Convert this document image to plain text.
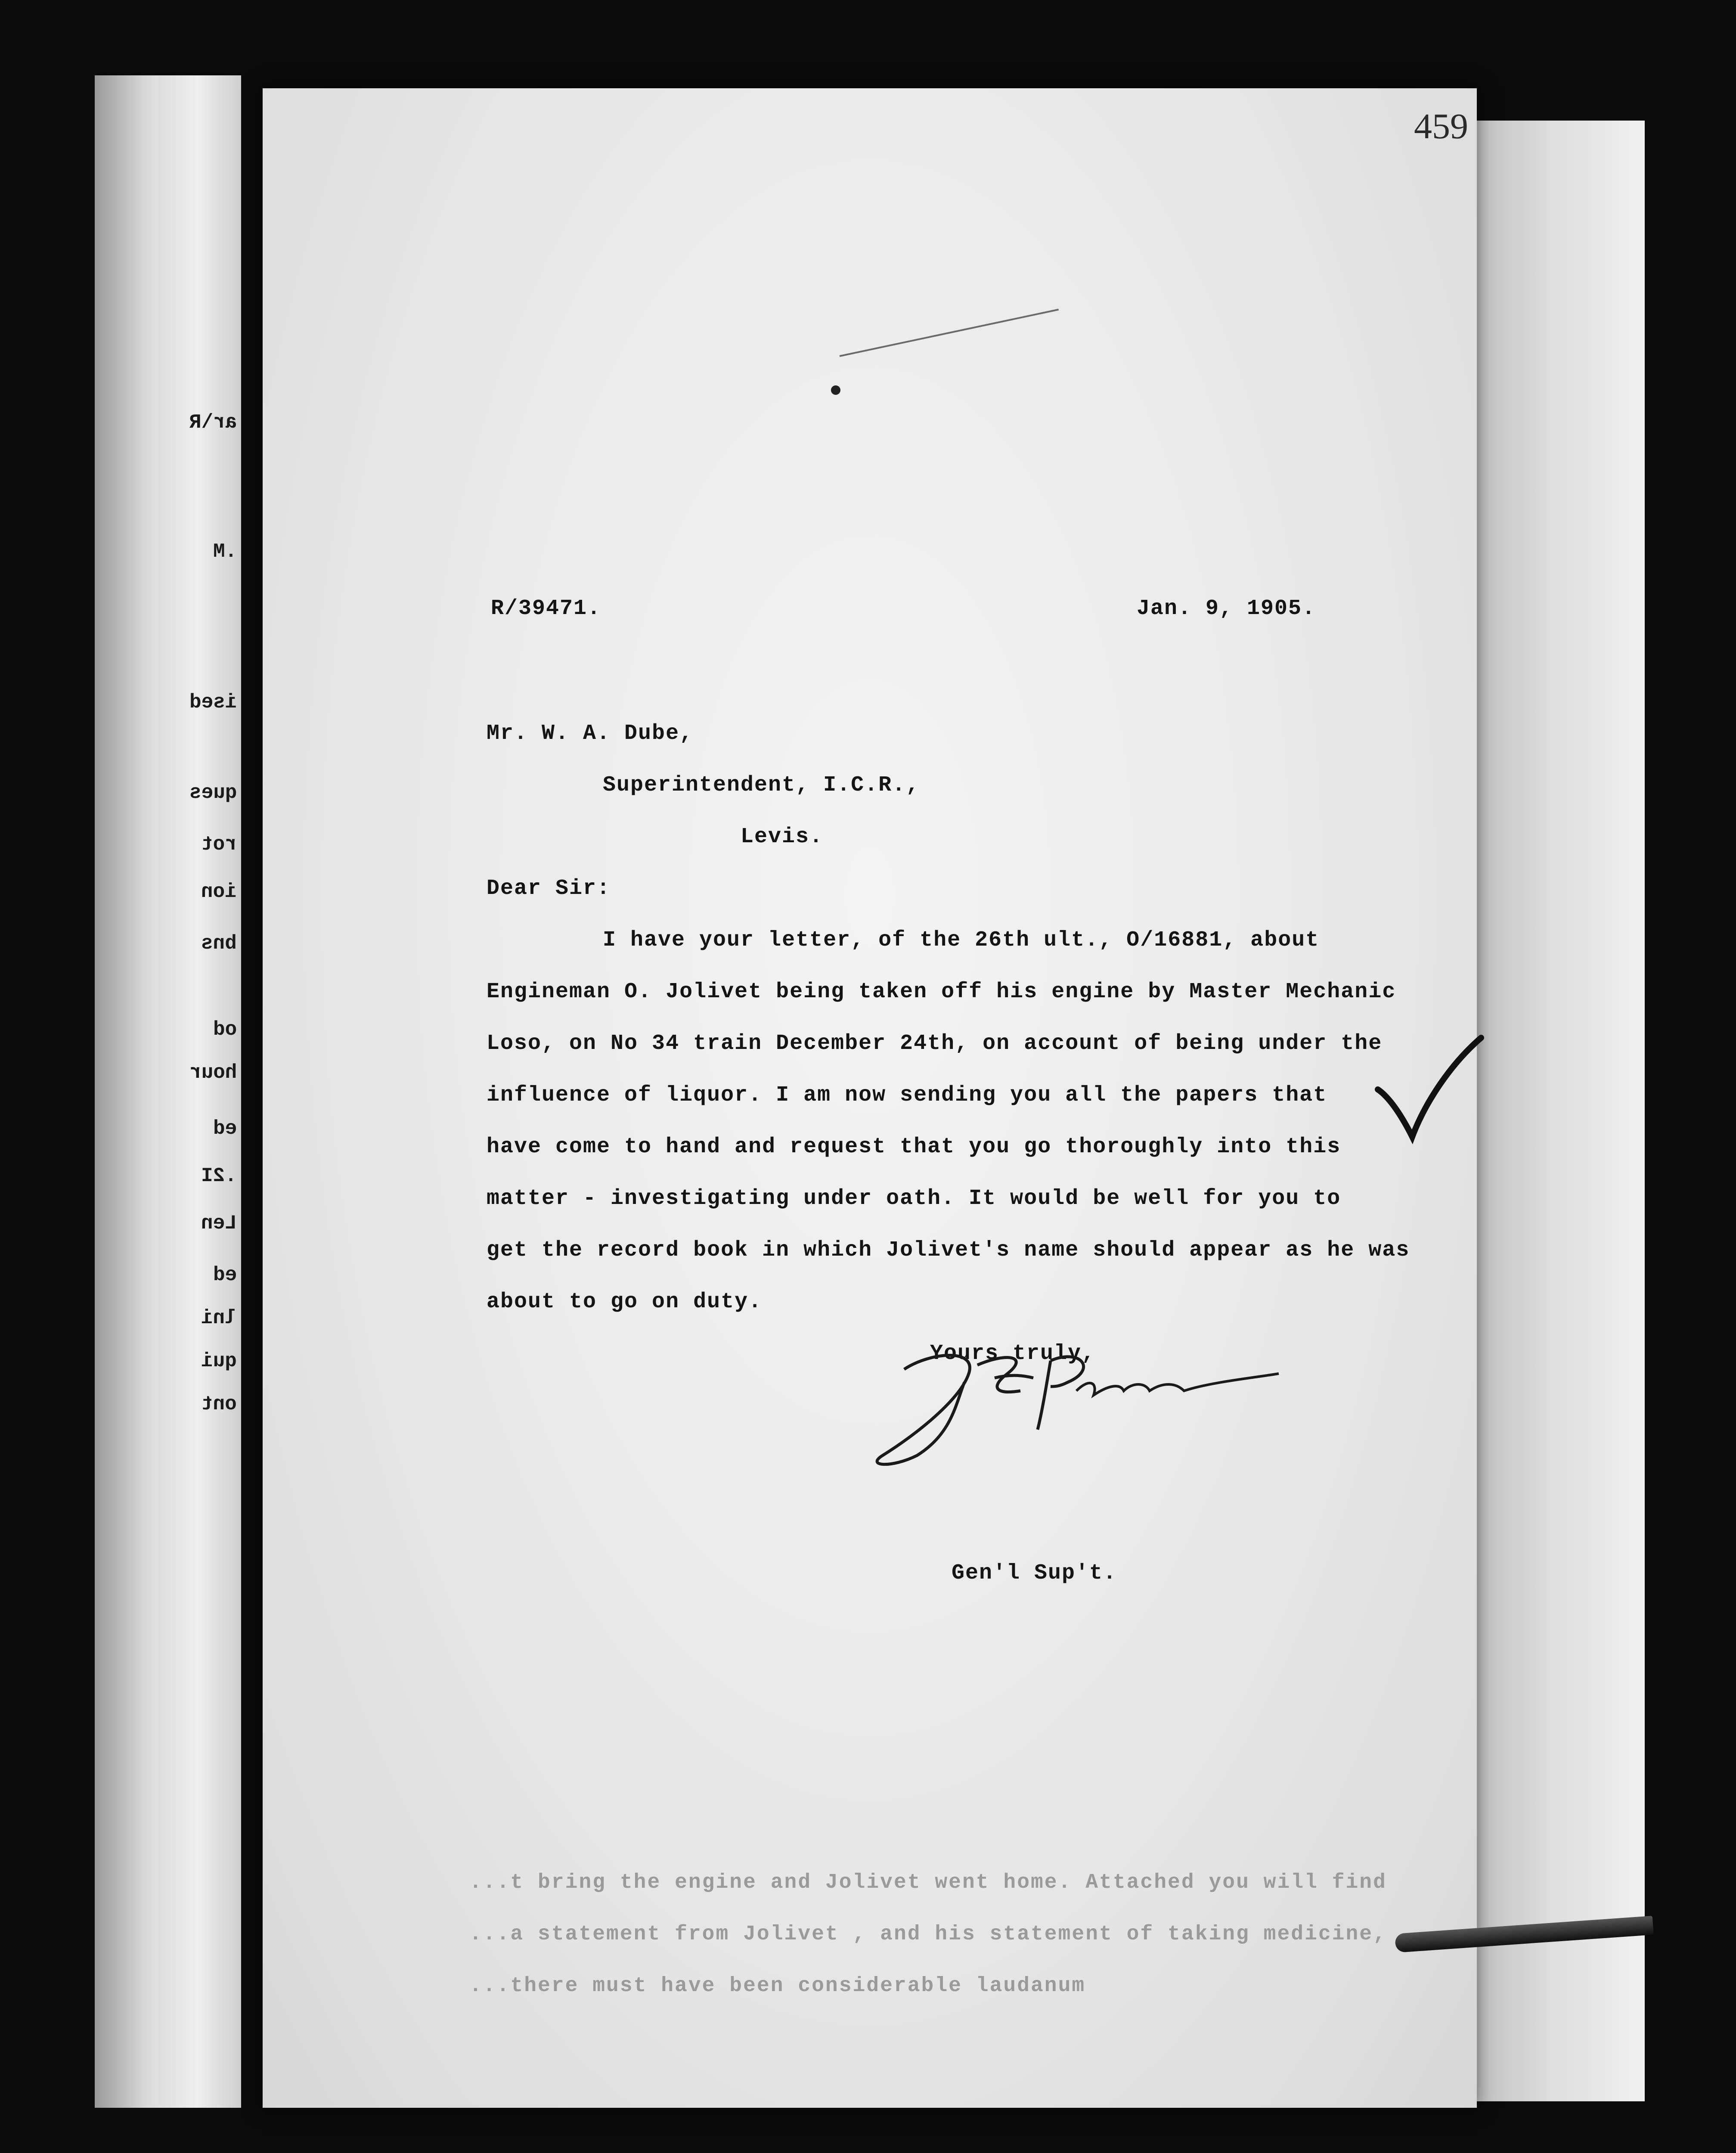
ar\R
.M
ised
ques
rot
ion
bns
od
hour
ed
.2I
Len
ed
lni
qui
ont
459
R/39471.	Jan. 9, 1905.
Mr. W. A. Dube,
Superintendent, I.C.R.,
Levis.
Dear Sir:
I have your letter, of the 26th ult., O/16881, about
Engineman O. Jolivet being taken off his engine by Master Mechanic
Loso, on No 34 train December 24th, on account of being under the
influence of liquor. I am now sending you all the papers that
have come to hand and request that you go thoroughly into this
matter - investigating under oath. It would be well for you to
get the record book in which Jolivet's name should appear as he was
about to go on duty.
Yours truly,
Gen'l Sup't.
...t bring the engine and Jolivet went home. Attached you will find
...a statement from Jolivet , and his statement of taking medicine,
...there must have been considerable laudanum
